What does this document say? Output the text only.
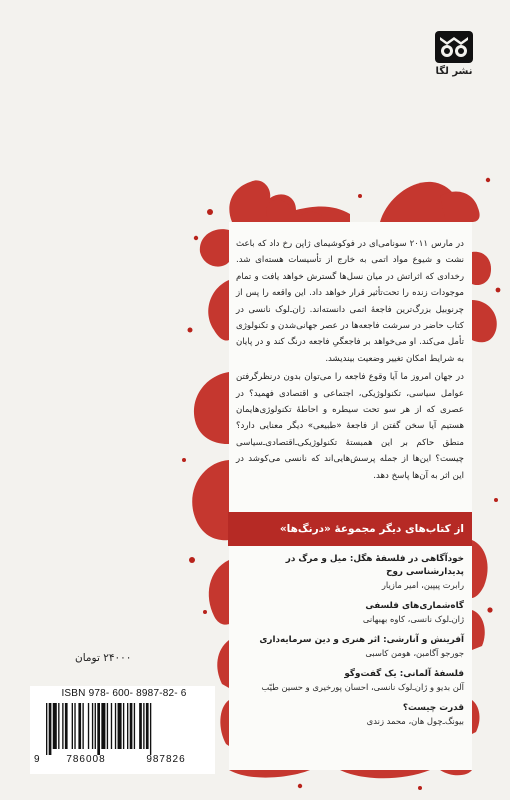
نشر لگا

در مارس ۲۰۱۱ سونامی‌ای در فوکوشیمای ژاپن رخ داد که باعث نشت و شیوع مواد اتمی به خارج از تأسیسات هسته‌ای شد. رخدادی که اثراتش در میان نسل‌ها گسترش خواهد یافت و تمام موجودات زنده را تحت‌تأثیر قرار خواهد داد. این واقعه را پس از چرنوبیل بزرگ‌ترین فاجعهٔ اتمی دانسته‌اند. ژان‌ـ‌لوک نانسی در کتاب حاضر در سرشت فاجعه‌ها در عصر جهانی‌شدن و تکنولوژی تأمل می‌کند. او می‌خواهد بر فاجعگیِ فاجعه درنگ کند و در پایان به شرایط امکان تغییر وضعیت بیندیشد.

در جهان امروز ما آیا وقوع فاجعه را می‌توان بدون درنظرگرفتن عوامل سیاسی، تکنولوژیکی، اجتماعی و اقتصادی فهمید؟ در عصری که از هر سو تحت سیطره و احاطهٔ تکنولوژی‌هایمان هستیم آیا سخن گفتن از فاجعهٔ «طبیعی» دیگر معنایی دارد؟ منطق حاکم بر این همبستهٔ تکنولوژیکی‌ـ‌اقتصادی‌ـ‌سیاسی چیست؟ این‌ها از جمله پرسش‌هایی‌اند که نانسی می‌کوشد در این اثر به آن‌ها پاسخ دهد.

از کتاب‌های دیگر مجموعهٔ «درنگ‌ها»
خودآگاهی در فلسفهٔ هگل: میل و مرگ در پدیدارشناسی روح
رابرت پیپین، امیر مازیار
گاه‌شماری‌های فلسفی
ژان‌ـ‌لوک نانسی، کاوه بهبهانی
آفرینش و آنارشی: اثر هنری و دین سرمایه‌داری
جورجو آگامبن، هومن کاسبی
فلسفهٔ آلمانی: یک گفت‌وگو
آلن بدیو و ژان‌ـ‌لوک نانسی، احسان پورخیری و حسین طیّب
قدرت چیست؟
بیونگ‌ـ‌چول هان، محمد زندی
۲۴۰۰۰ تومان
ISBN 978- 600- 8987-82- 6
9	786008	987826
